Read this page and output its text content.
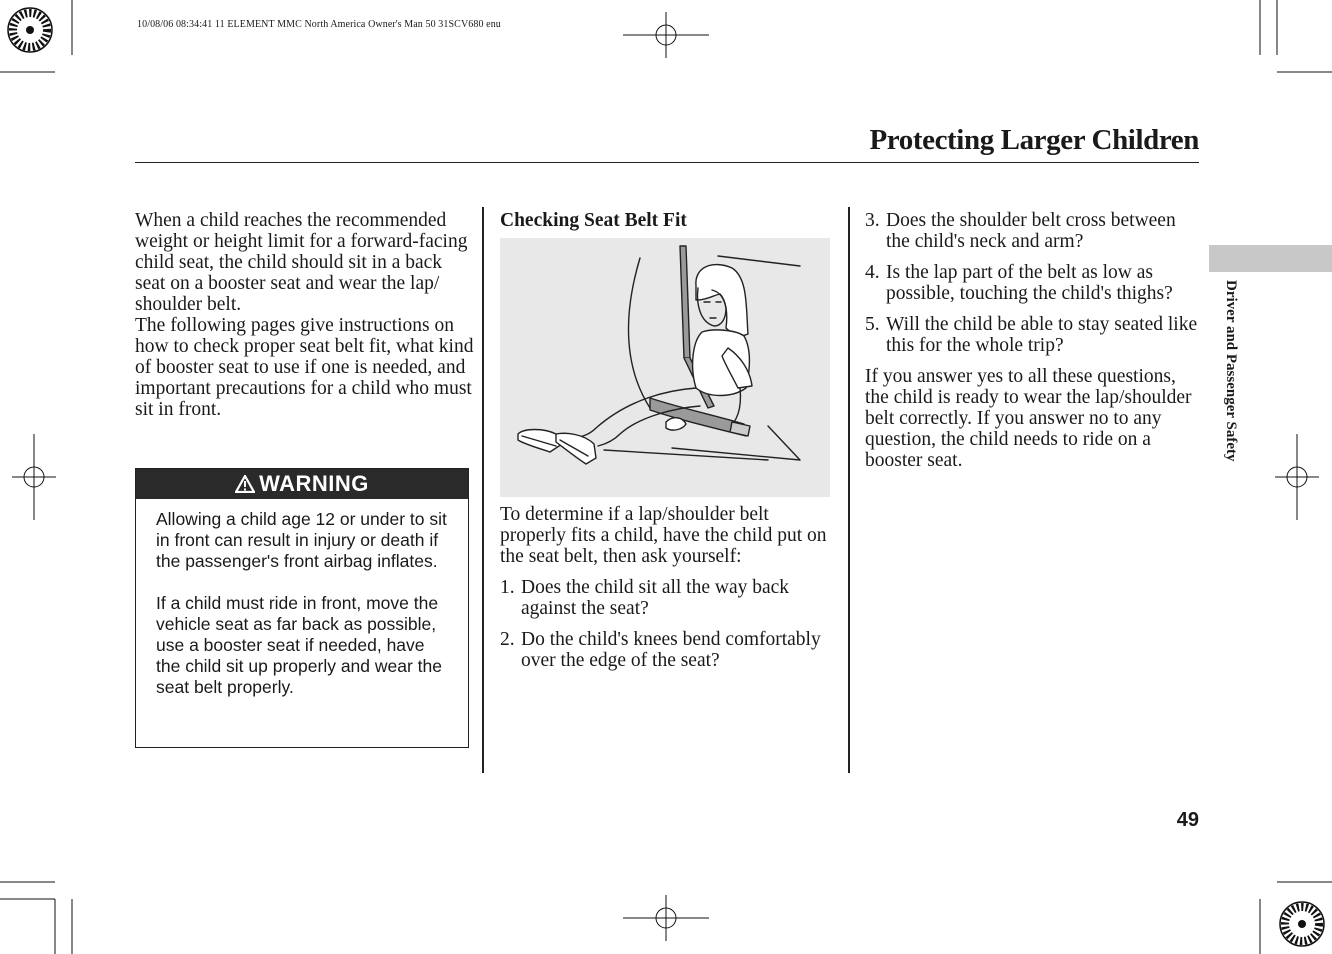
10/08/06 08:34:41 11 ELEMENT MMC North America Owner's Man 50 31SCV680 enu
Protecting Larger Children

When a child reaches the recommended weight or height limit for a forward-facing child seat, the child should sit in a back seat on a booster seat and wear the lap/ shoulder belt.

The following pages give instructions on how to check proper seat belt fit, what kind of booster seat to use if one is needed, and important precautions for a child who must sit in front.

WARNING

Allowing a child age 12 or under to sit in front can result in injury or death if the passenger's front airbag inflates.

If a child must ride in front, move the vehicle seat as far back as possible, use a booster seat if needed, have the child sit up properly and wear the seat belt properly.

Checking Seat Belt Fit
To determine if a lap/shoulder belt properly fits a child, have the child put on the seat belt, then ask yourself:
1. Does the child sit all the way back against the seat?
2. Do the child's knees bend comfortably over the edge of the seat?
3. Does the shoulder belt cross between the child's neck and arm?
4. Is the lap part of the belt as low as possible, touching the child's thighs?
5. Will the child be able to stay seated like this for the whole trip?
If you answer yes to all these questions, the child is ready to wear the lap/shoulder belt correctly. If you answer no to any question, the child needs to ride on a booster seat.	Driver and Passenger Safety
49
